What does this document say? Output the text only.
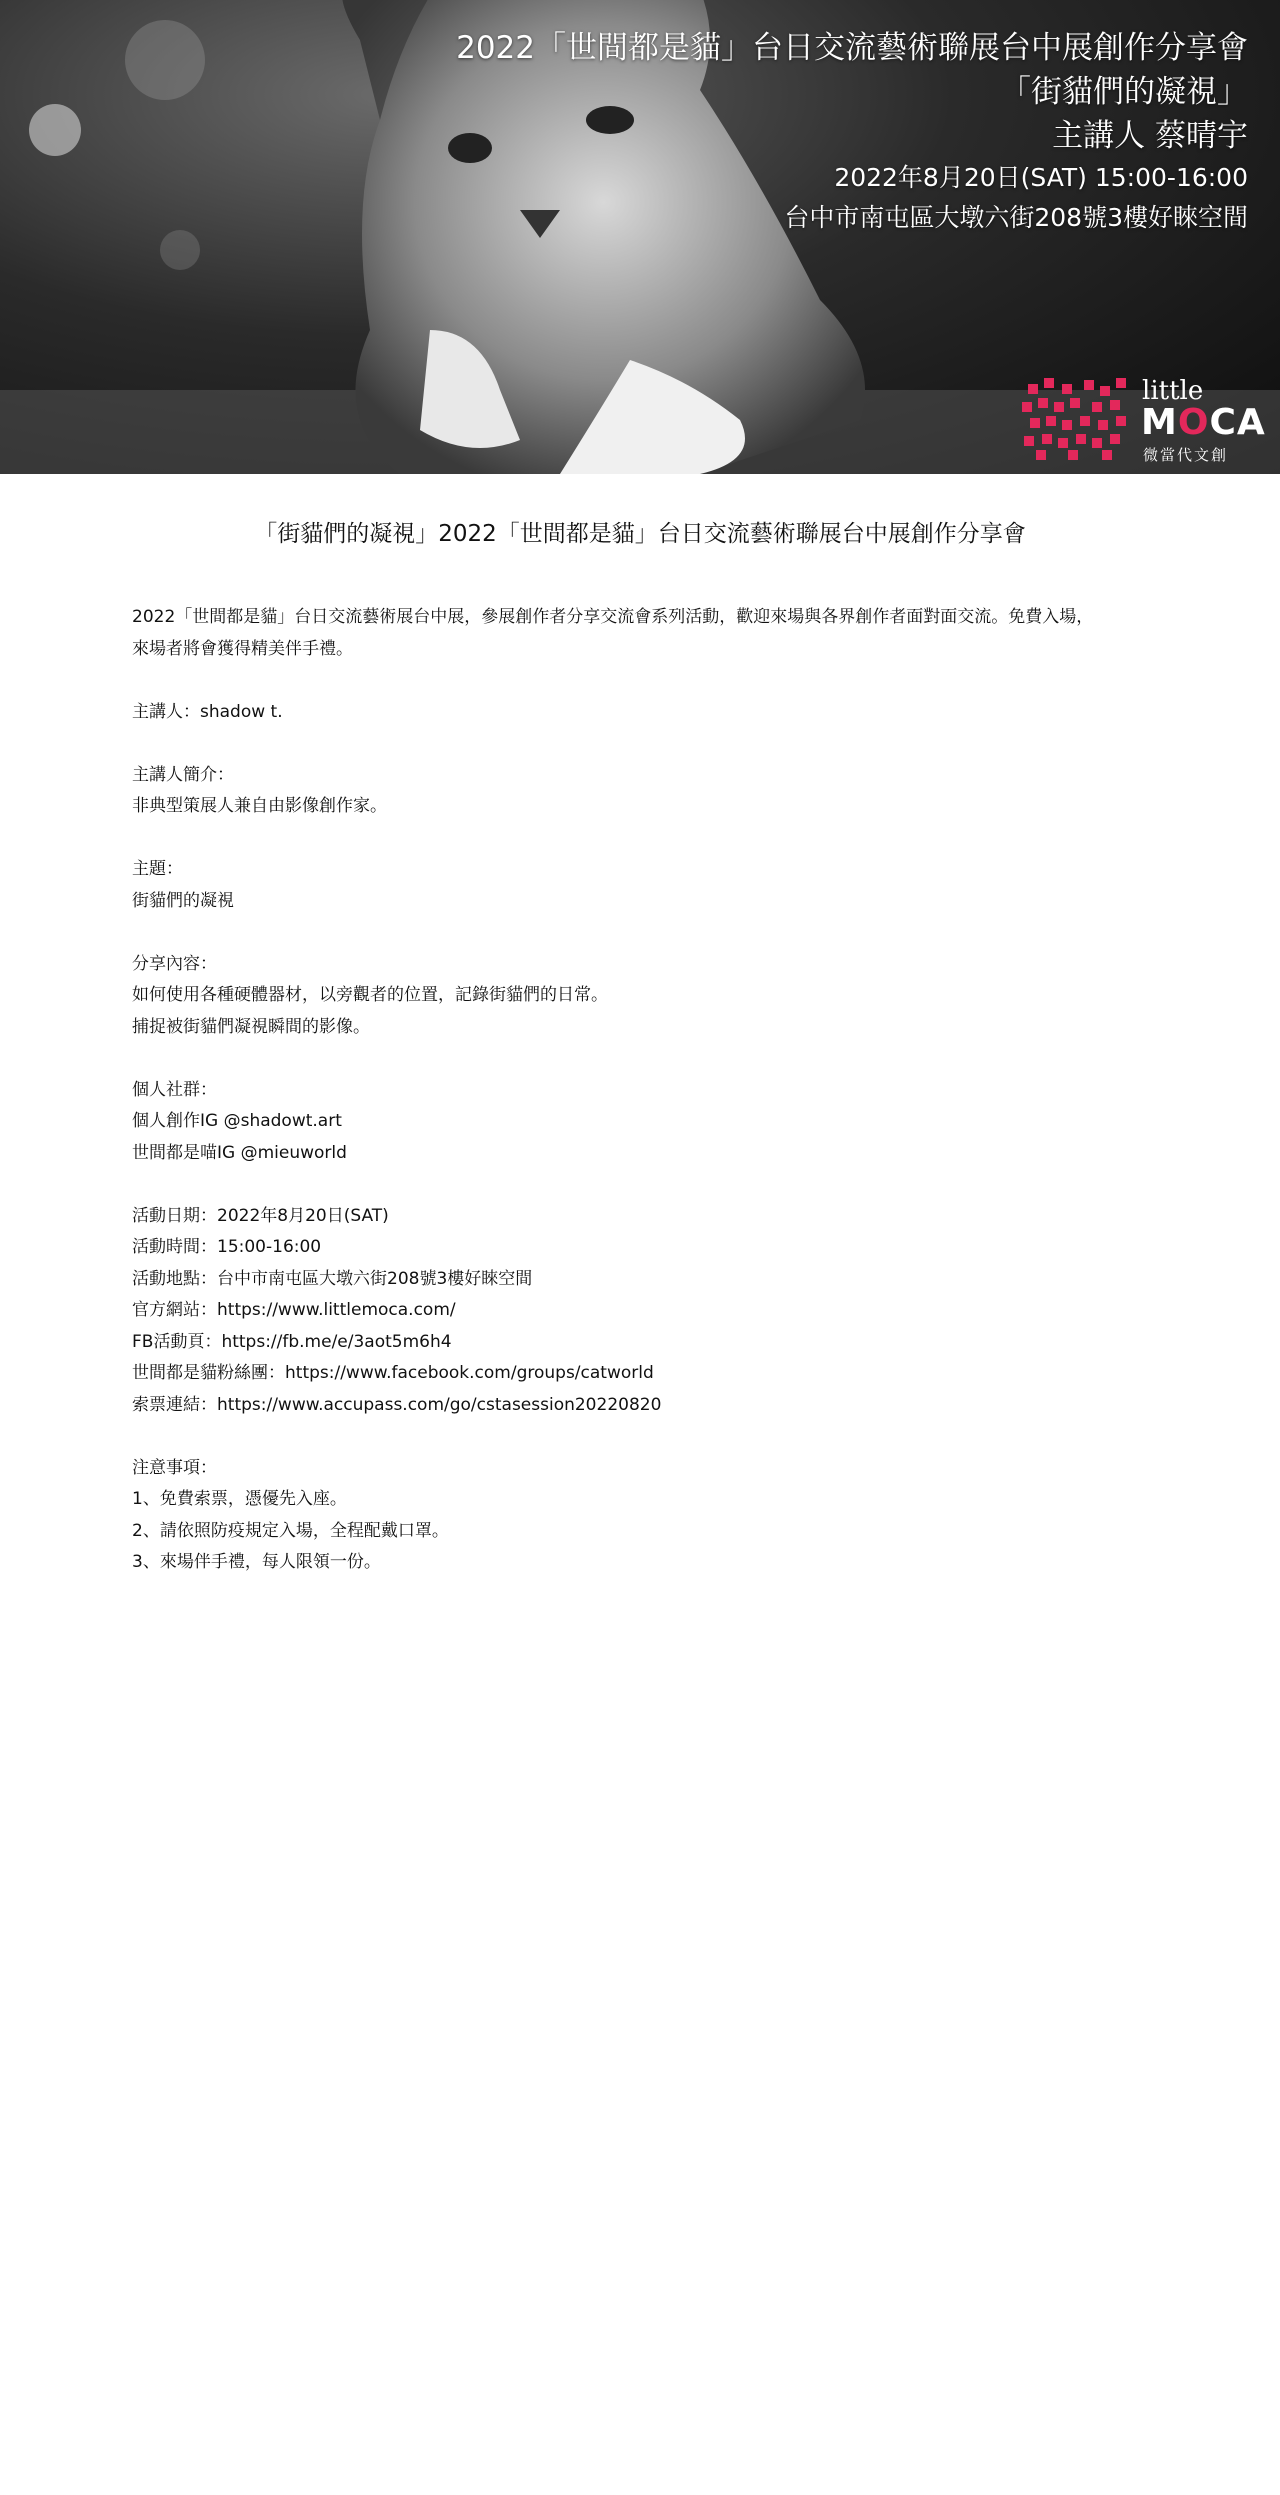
2022「世間都是貓」台日交流藝術聯展台中展創作分享會
「街貓們的凝視」
主講人 蔡晴宇
2022年8月20日(SAT) 15:00-16:00
台中市南屯區大墩六街208號3樓好睞空間
little
MOCA
微當代文創
「街貓們的凝視」2022「世間都是貓」台日交流藝術聯展台中展創作分享會

2022「世間都是貓」台日交流藝術展台中展，參展創作者分享交流會系列活動，歡迎來場與各界創作者面對面交流。免費入場，

來場者將會獲得精美伴手禮。

主講人：shadow t.

主講人簡介：

非典型策展人兼自由影像創作家。

主題：

街貓們的凝視

分享內容：

如何使用各種硬體器材，以旁觀者的位置，記錄街貓們的日常。

捕捉被街貓們凝視瞬間的影像。

個人社群：

個人創作IG @shadowt.art

世間都是喵IG @mieuworld

活動日期：2022年8月20日(SAT)

活動時間：15:00-16:00

活動地點：台中市南屯區大墩六街208號3樓好睞空間

官方網站：https://www.littlemoca.com/

FB活動頁：https://fb.me/e/3aot5m6h4

世間都是貓粉絲團：https://www.facebook.com/groups/catworld

索票連結：https://www.accupass.com/go/cstasession20220820

注意事項：

1、免費索票，憑優先入座。

2、請依照防疫規定入場，全程配戴口罩。

3、來場伴手禮，每人限領一份。
